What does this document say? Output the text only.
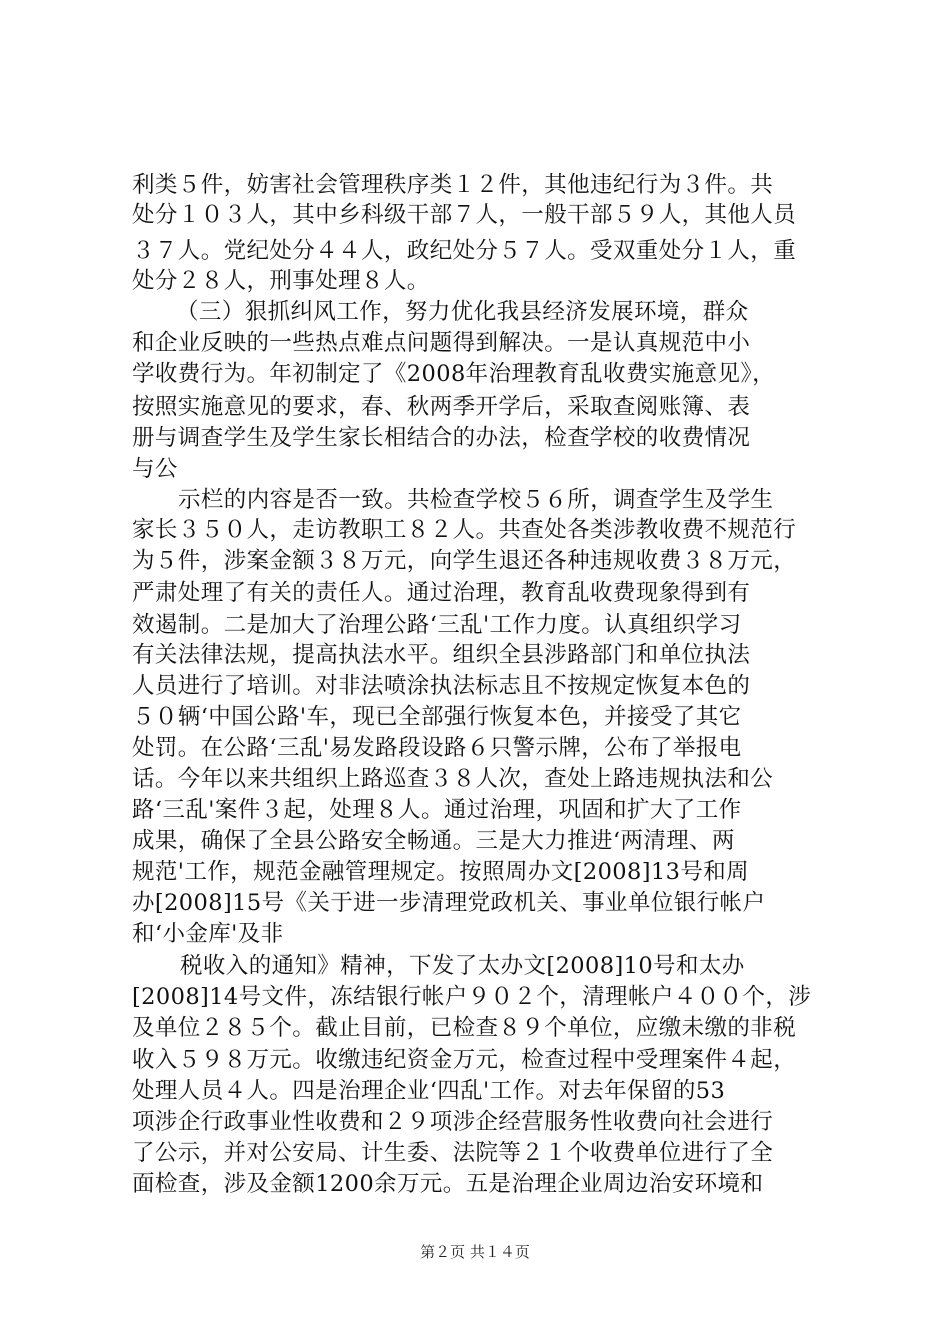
利类５件，妨害社会管理秩序类１２件，其他违纪行为３件。共
处分１０３人，其中乡科级干部７人，一般干部５９人，其他人员
３７人。党纪处分４４人，政纪处分５７人。受双重处分１人，重
处分２８人，刑事处理８人。
（三）狠抓纠风工作，努力优化我县经济发展环境，群众
和企业反映的一些热点难点问题得到解决。一是认真规范中小
学收费行为。年初制定了《2008年治理教育乱收费实施意见》，
按照实施意见的要求，春、秋两季开学后，采取查阅账簿、表
册与调查学生及学生家长相结合的办法，检查学校的收费情况
与公
示栏的内容是否一致。共检查学校５６所，调查学生及学生
家长３５０人，走访教职工８２人。共查处各类涉教收费不规范行
为５件，涉案金额３８万元，向学生退还各种违规收费３８万元，
严肃处理了有关的责任人。通过治理，教育乱收费现象得到有
效遏制。二是加大了治理公路‘三乱'工作力度。认真组织学习
有关法律法规，提高执法水平。组织全县涉路部门和单位执法
人员进行了培训。对非法喷涂执法标志且不按规定恢复本色的
５０辆‘中国公路'车，现已全部强行恢复本色，并接受了其它
处罚。在公路‘三乱'易发路段设路６只警示牌，公布了举报电
话。今年以来共组织上路巡查３８人次，查处上路违规执法和公
路‘三乱'案件３起，处理８人。通过治理，巩固和扩大了工作
成果，确保了全县公路安全畅通。三是大力推进‘两清理、两
规范'工作，规范金融管理规定。按照周办文[2008]13号和周
办[2008]15号《关于进一步清理党政机关、事业单位银行帐户
和‘小金库'及非
税收入的通知》精神，下发了太办文[2008]10号和太办
[2008]14号文件，冻结银行帐户９０２个，清理帐户４００个，涉
及单位２８５个。截止目前，已检查８９个单位，应缴未缴的非税
收入５９８万元。收缴违纪资金万元，检查过程中受理案件４起，
处理人员４人。四是治理企业‘四乱'工作。对去年保留的53
项涉企行政事业性收费和２９项涉企经营服务性收费向社会进行
了公示，并对公安局、计生委、法院等２１个收费单位进行了全
面检查，涉及金额1200余万元。五是治理企业周边治安环境和
第２页 共１４页
